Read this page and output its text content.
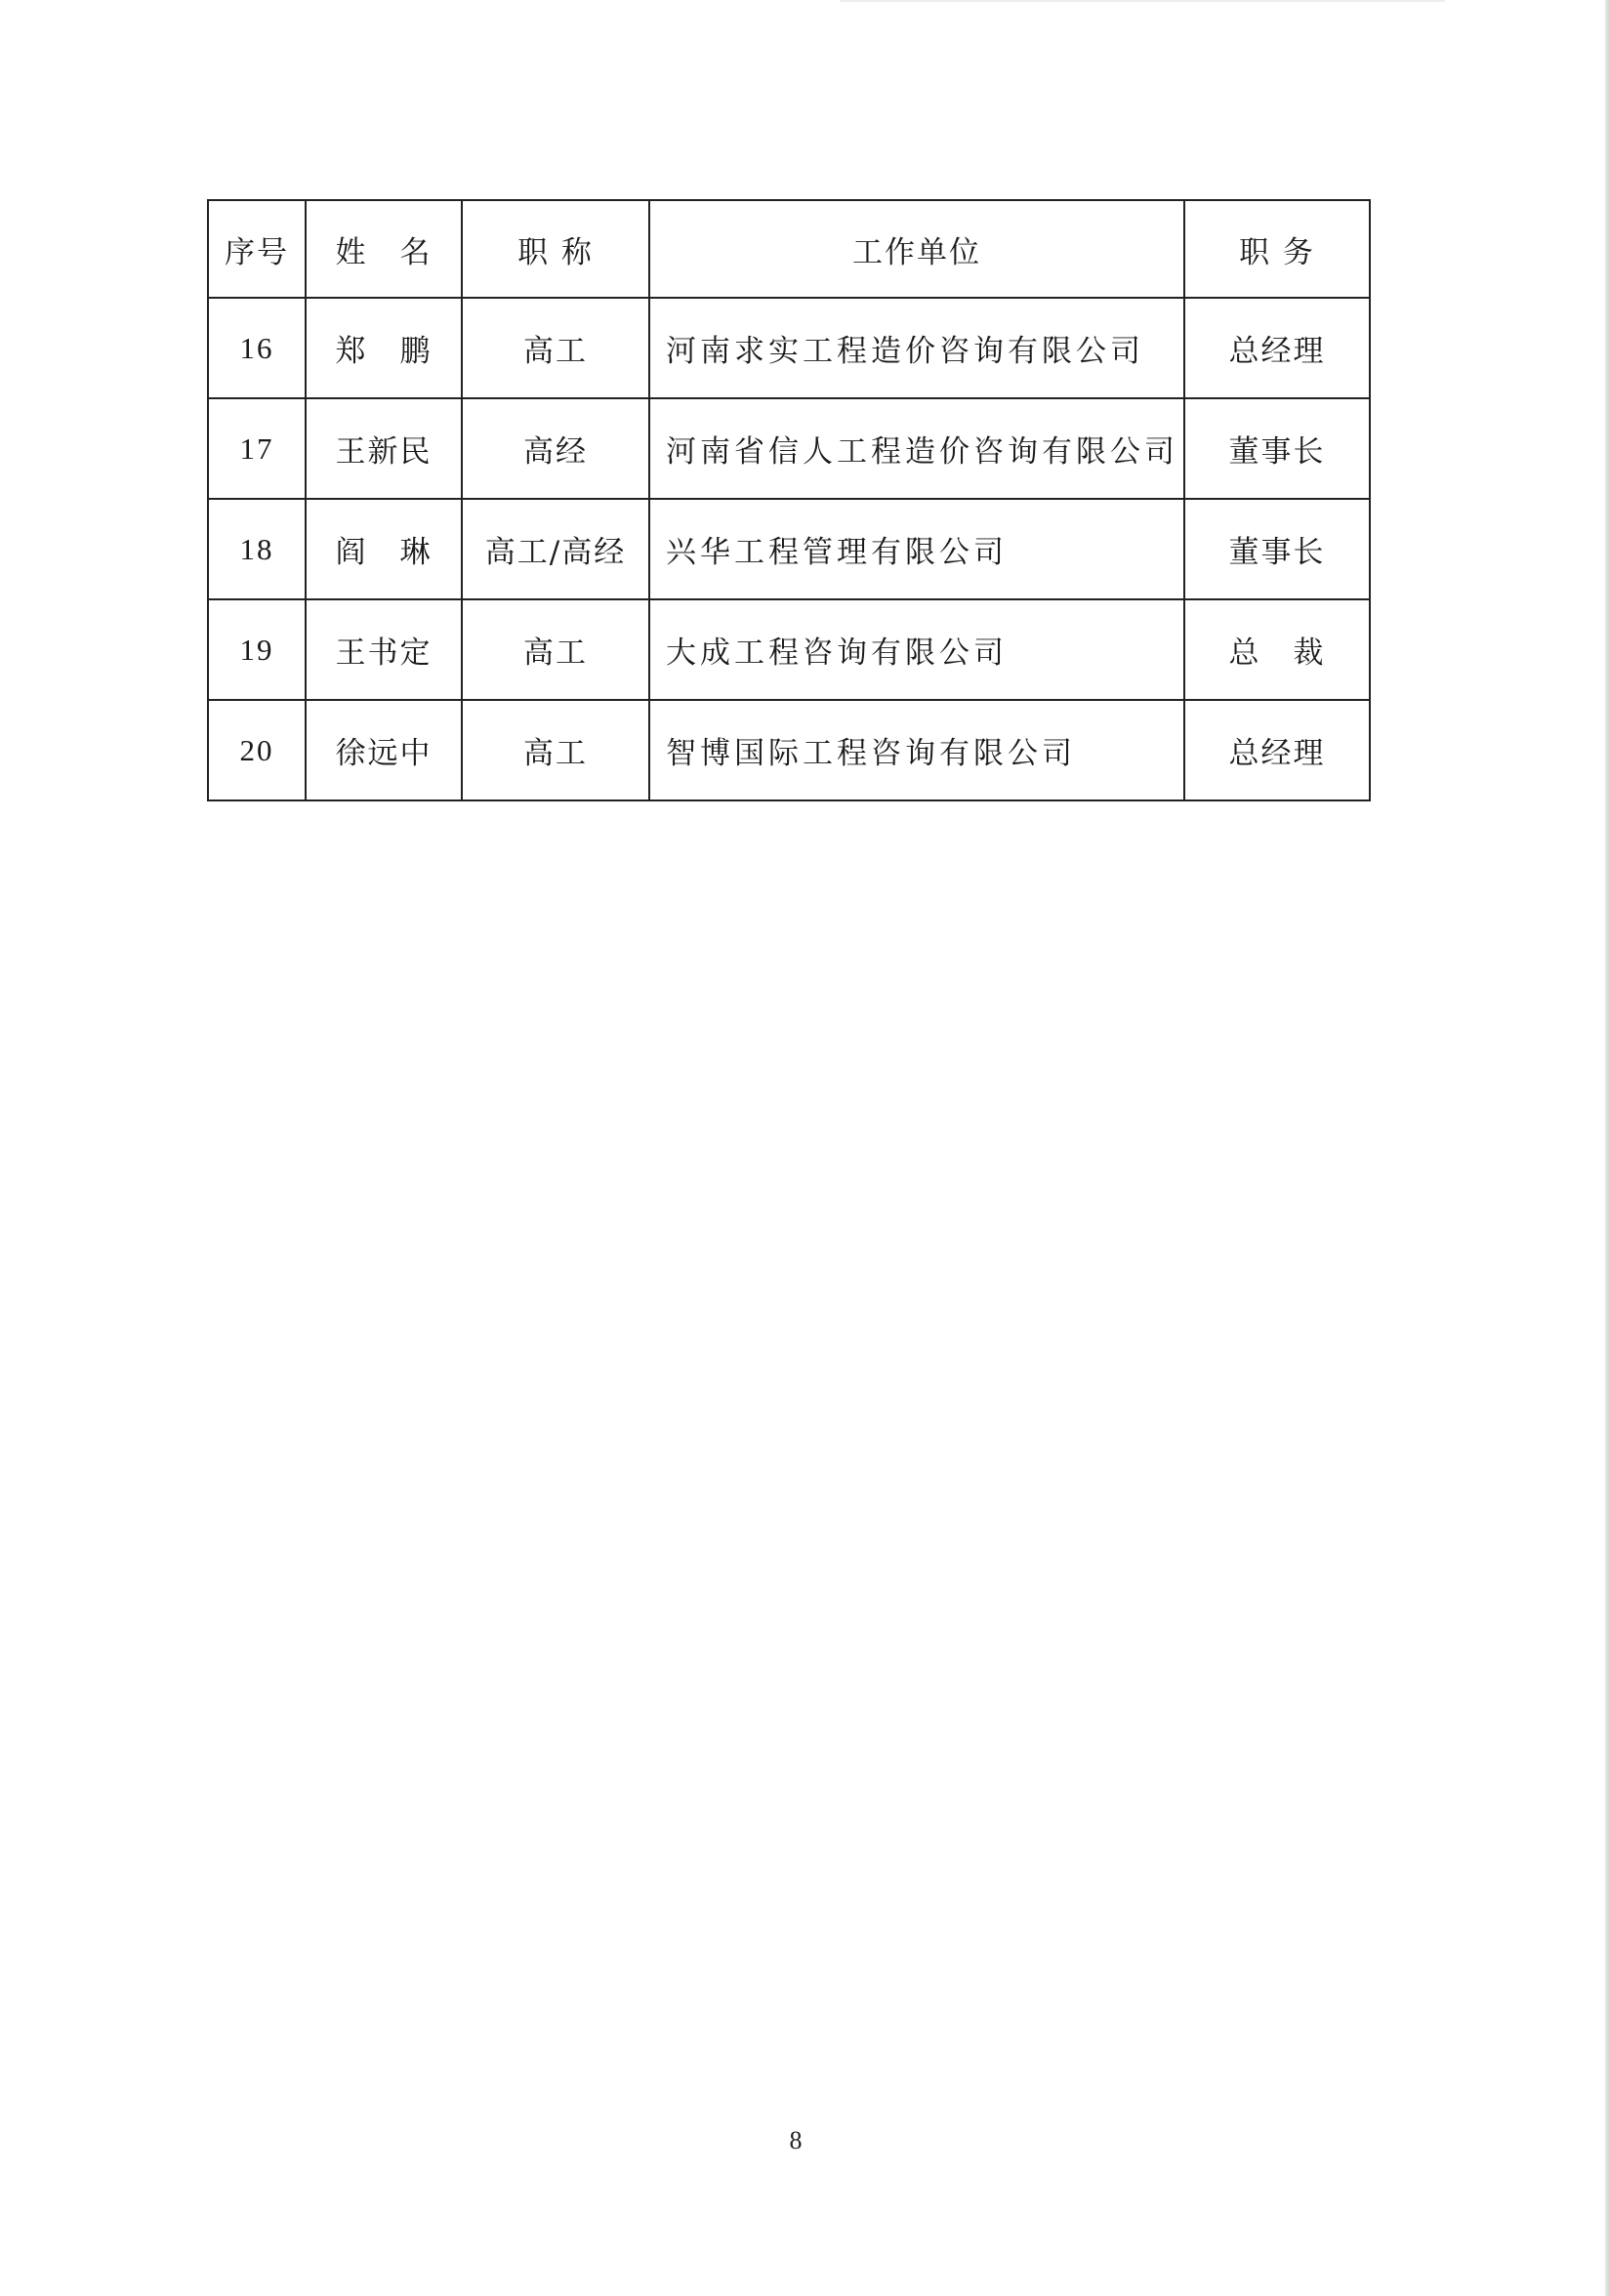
序号	姓　名	职 称	工作单位	职 务
16	郑　鹏	高工	河南求实工程造价咨询有限公司	总经理
17	王新民	高经	河南省信人工程造价咨询有限公司	董事长
18	阎　琳	高工/高经	兴华工程管理有限公司	董事长
19	王书定	高工	大成工程咨询有限公司	总　裁
20	徐远中	高工	智博国际工程咨询有限公司	总经理
8
